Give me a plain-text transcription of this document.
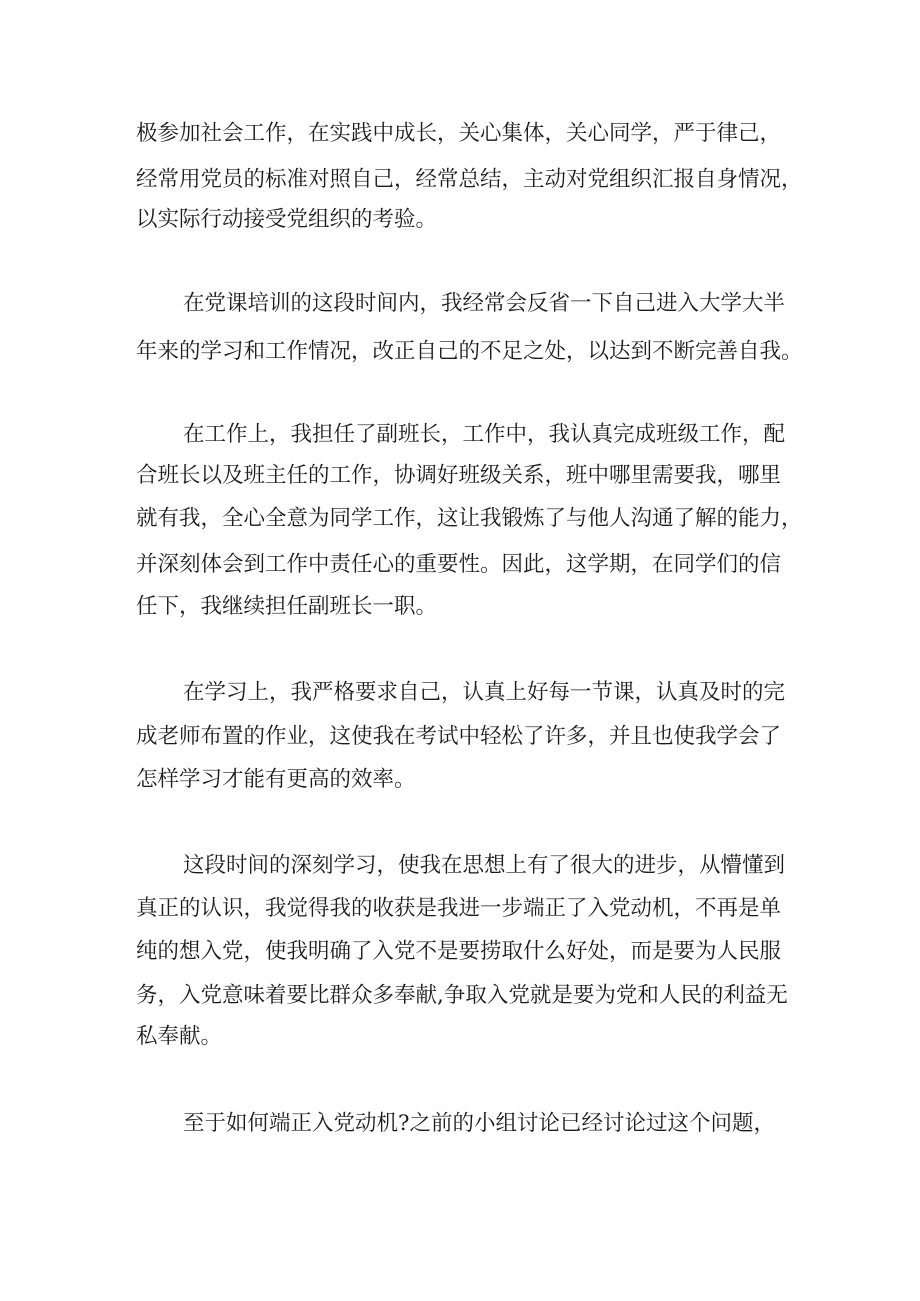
极参加社会工作，在实践中成长，关心集体，关心同学，严于律己，
经常用党员的标准对照自己，经常总结，主动对党组织汇报自身情况，
以实际行动接受党组织的考验。
在党课培训的这段时间内，我经常会反省一下自己进入大学大半
年来的学习和工作情况，改正自己的不足之处，以达到不断完善自我。
在工作上，我担任了副班长，工作中，我认真完成班级工作，配
合班长以及班主任的工作，协调好班级关系，班中哪里需要我，哪里
就有我，全心全意为同学工作，这让我锻炼了与他人沟通了解的能力，
并深刻体会到工作中责任心的重要性。因此，这学期，在同学们的信
任下，我继续担任副班长一职。
在学习上，我严格要求自己，认真上好每一节课，认真及时的完
成老师布置的作业，这使我在考试中轻松了许多，并且也使我学会了
怎样学习才能有更高的效率。
这段时间的深刻学习，使我在思想上有了很大的进步，从懵懂到
真正的认识，我觉得我的收获是我进一步端正了入党动机，不再是单
纯的想入党，使我明确了入党不是要捞取什么好处，而是要为人民服
务，入党意味着要比群众多奉献,争取入党就是要为党和人民的利益无
私奉献。
至于如何端正入党动机?之前的小组讨论已经讨论过这个问题，
